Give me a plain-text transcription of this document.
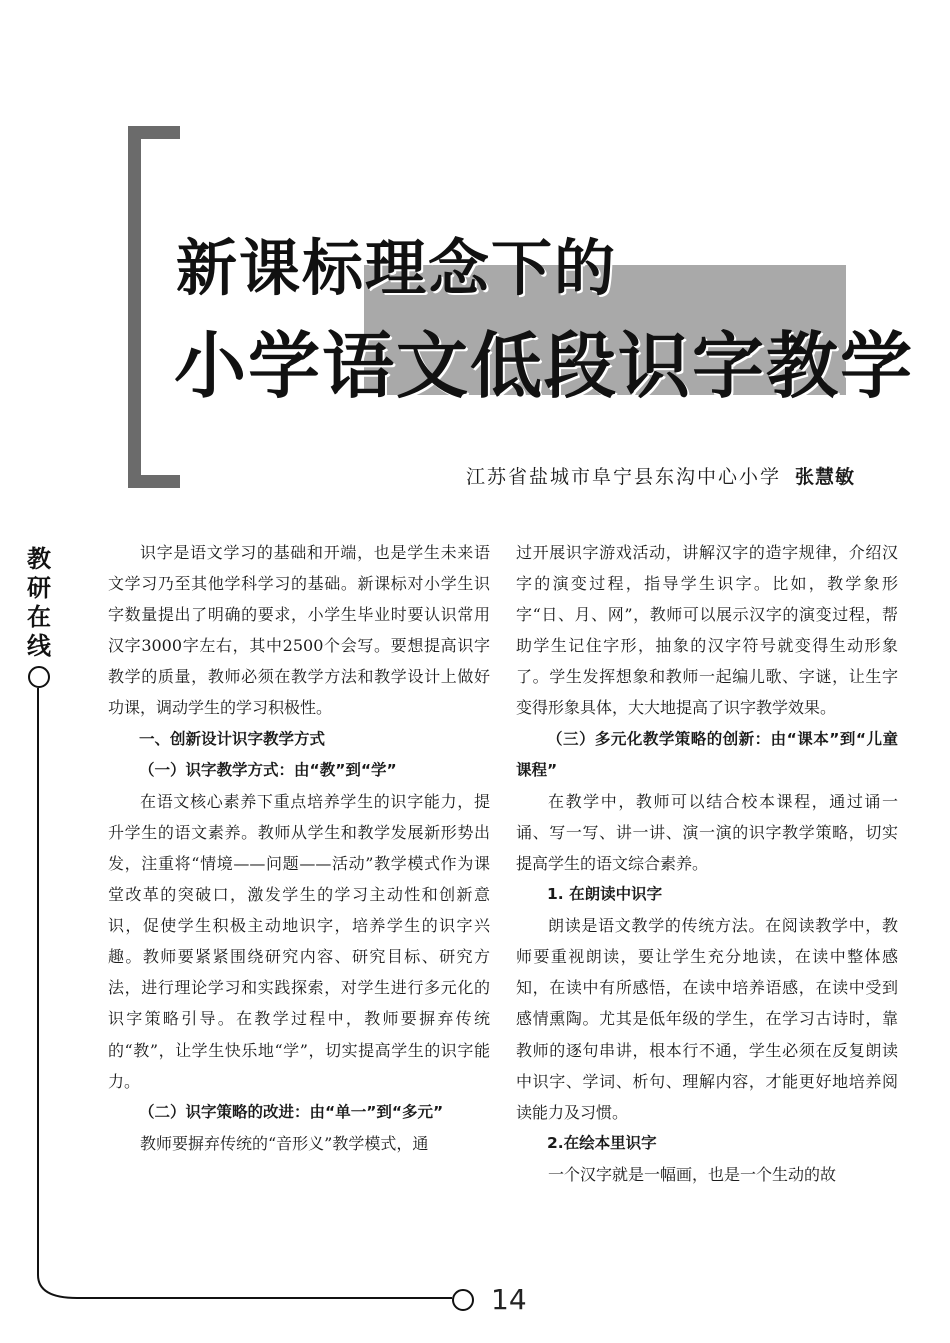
新课标理念下的
小学语文低段识字教学
江苏省盐城市阜宁县东沟中心小学 张慧敏
教
研
在
线
14

识字是语文学习的基础和开端，也是学生未来语文学习乃至其他学科学习的基础。新课标对小学生识字数量提出了明确的要求，小学生毕业时要认识常用汉字3000字左右，其中2500个会写。要想提高识字教学的质量，教师必须在教学方法和教学设计上做好功课，调动学生的学习积极性。

一、创新设计识字教学方式

（一）识字教学方式：由“教”到“学”

在语文核心素养下重点培养学生的识字能力，提升学生的语文素养。教师从学生和教学发展新形势出发，注重将“情境——问题——活动”教学模式作为课堂改革的突破口，激发学生的学习主动性和创新意识，促使学生积极主动地识字，培养学生的识字兴趣。教师要紧紧围绕研究内容、研究目标、研究方法，进行理论学习和实践探索，对学生进行多元化的识字策略引导。在教学过程中，教师要摒弃传统的“教”，让学生快乐地“学”，切实提高学生的识字能力。

（二）识字策略的改进：由“单一”到“多元”

教师要摒弃传统的“音形义”教学模式，通

过开展识字游戏活动，讲解汉字的造字规律，介绍汉字的演变过程，指导学生识字。比如，教学象形字“日、月、网”，教师可以展示汉字的演变过程，帮助学生记住字形，抽象的汉字符号就变得生动形象了。学生发挥想象和教师一起编儿歌、字谜，让生字变得形象具体，大大地提高了识字教学效果。

（三）多元化教学策略的创新：由“课本”到“儿童课程”

在教学中，教师可以结合校本课程，通过诵一诵、写一写、讲一讲、演一演的识字教学策略，切实提高学生的语文综合素养。

1. 在朗读中识字

朗读是语文教学的传统方法。在阅读教学中，教师要重视朗读，要让学生充分地读，在读中整体感知，在读中有所感悟，在读中培养语感，在读中受到感情熏陶。尤其是低年级的学生，在学习古诗时，靠教师的逐句串讲，根本行不通，学生必须在反复朗读中识字、学词、析句、理解内容，才能更好地培养阅读能力及习惯。

2.在绘本里识字

一个汉字就是一幅画，也是一个生动的故
